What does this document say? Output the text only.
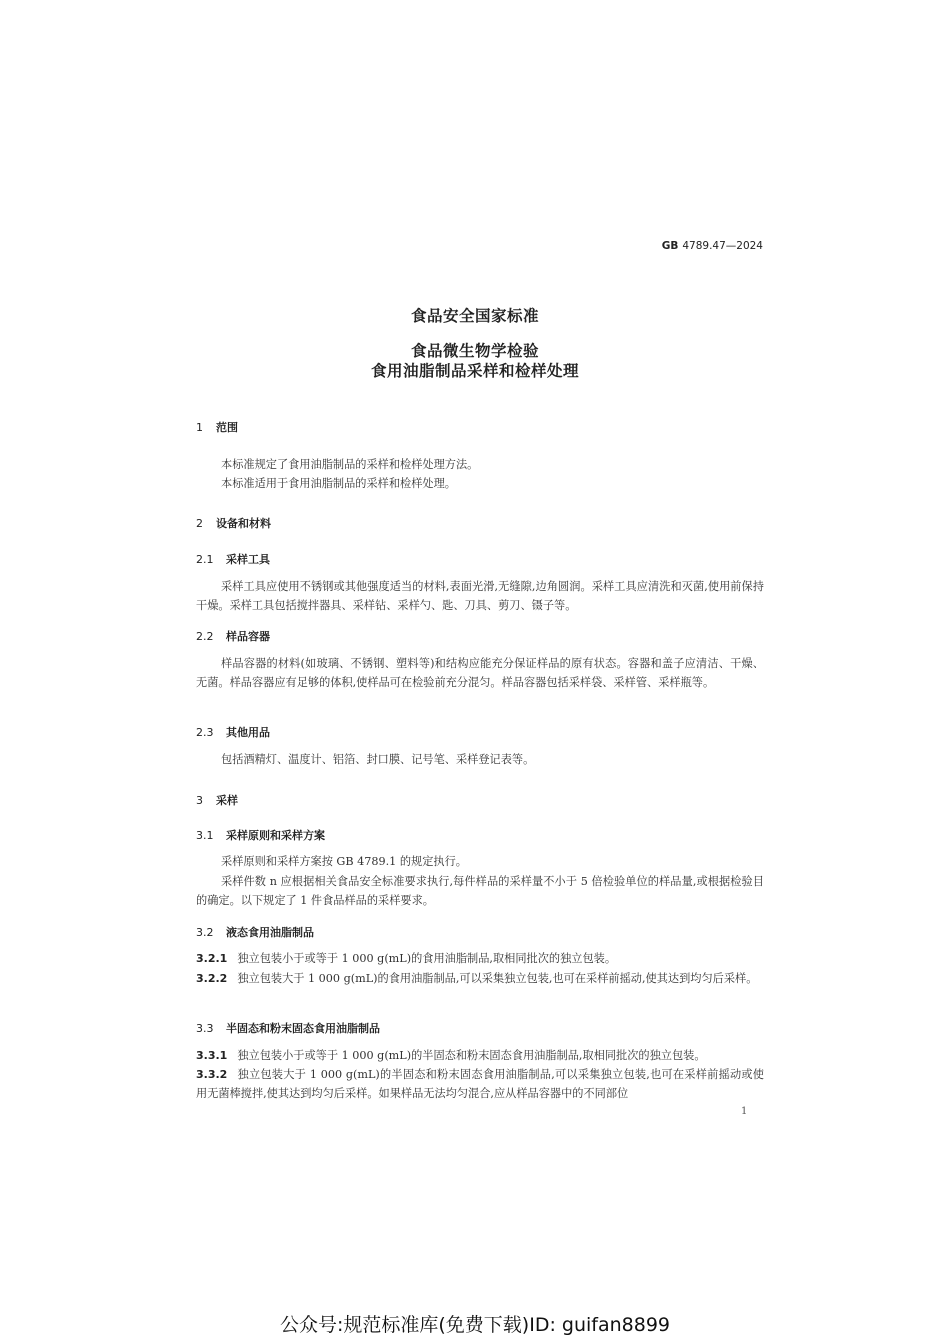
GB 4789.47—2024
食品安全国家标准
食品微生物学检验
食用油脂制品采样和检样处理
1 范围
本标准规定了食用油脂制品的采样和检样处理方法。
本标准适用于食用油脂制品的采样和检样处理。
2 设备和材料
2.1 采样工具
采样工具应使用不锈钢或其他强度适当的材料,表面光滑,无缝隙,边角圆润。采样工具应清洗和灭菌,使用前保持干燥。采样工具包括搅拌器具、采样钻、采样勺、匙、刀具、剪刀、镊子等。
2.2 样品容器
样品容器的材料(如玻璃、不锈钢、塑料等)和结构应能充分保证样品的原有状态。容器和盖子应清洁、干燥、无菌。样品容器应有足够的体积,使样品可在检验前充分混匀。样品容器包括采样袋、采样管、采样瓶等。
2.3 其他用品
包括酒精灯、温度计、铝箔、封口膜、记号笔、采样登记表等。
3 采样
3.1 采样原则和采样方案
采样原则和采样方案按 GB 4789.1 的规定执行。
采样件数 n 应根据相关食品安全标准要求执行,每件样品的采样量不小于 5 倍检验单位的样品量,或根据检验目的确定。以下规定了 1 件食品样品的采样要求。
3.2 液态食用油脂制品
3.2.1 独立包装小于或等于 1 000 g(mL)的食用油脂制品,取相同批次的独立包装。
3.2.2 独立包装大于 1 000 g(mL)的食用油脂制品,可以采集独立包装,也可在采样前摇动,使其达到均匀后采样。
3.3 半固态和粉末固态食用油脂制品
3.3.1 独立包装小于或等于 1 000 g(mL)的半固态和粉末固态食用油脂制品,取相同批次的独立包装。
3.3.2 独立包装大于 1 000 g(mL)的半固态和粉末固态食用油脂制品,可以采集独立包装,也可在采样前摇动或使用无菌棒搅拌,使其达到均匀后采样。如果样品无法均匀混合,应从样品容器中的不同部位
1
公众号:规范标准库(免费下载)ID: guifan8899
